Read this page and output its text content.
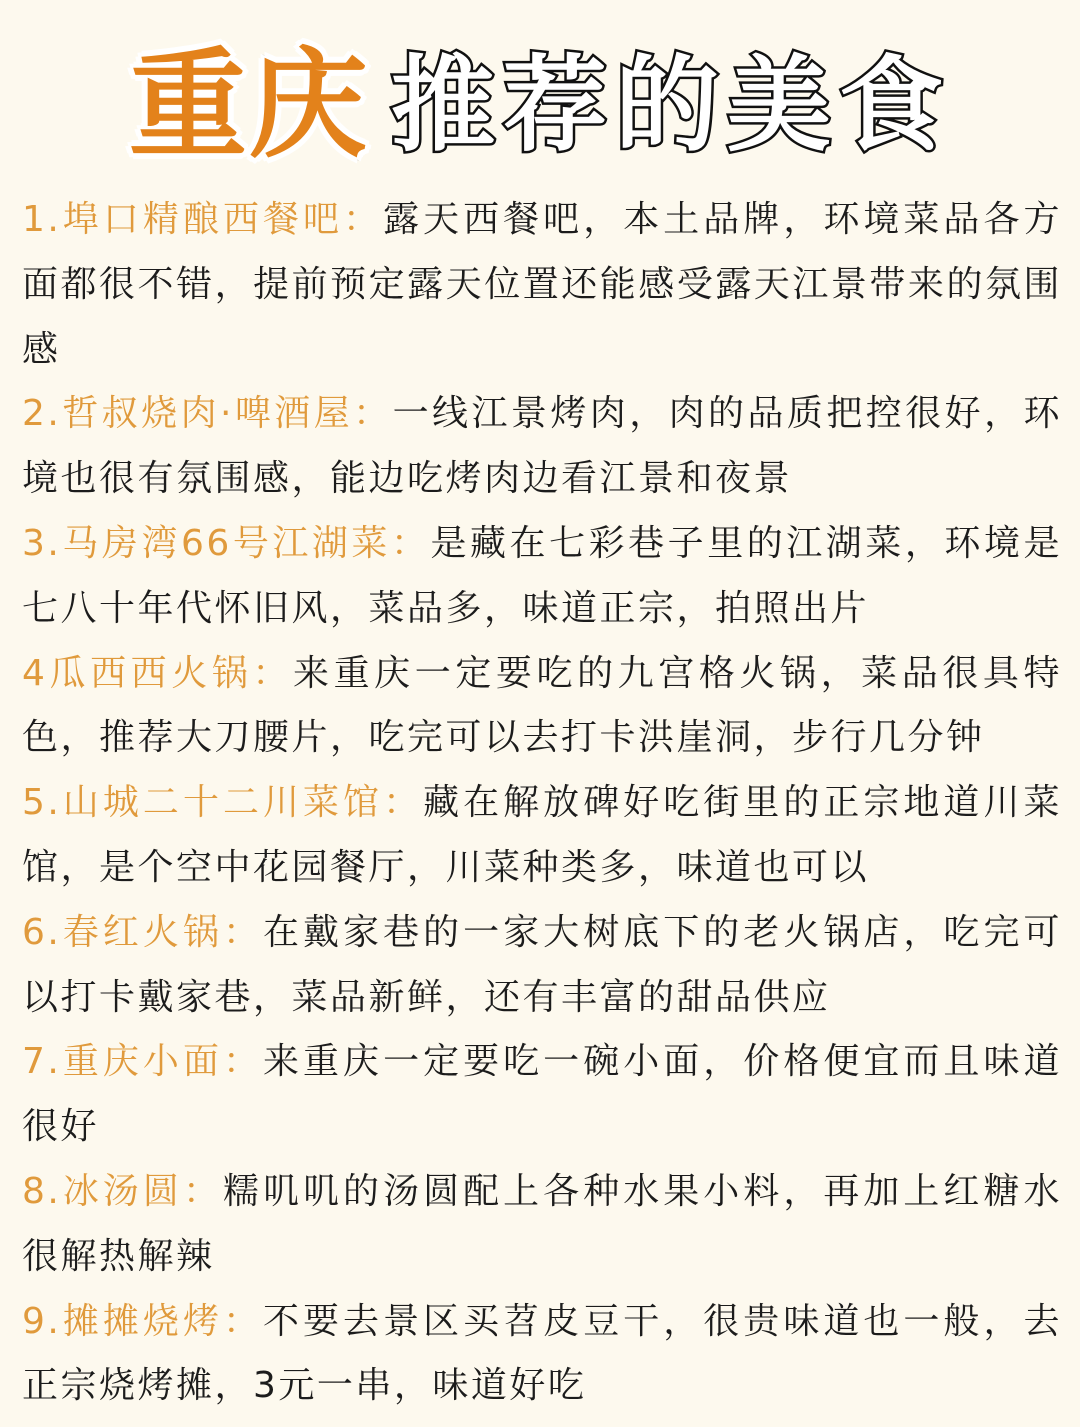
重庆 推荐的美食
1.埠口精酿西餐吧：露天西餐吧，本土品牌，环境菜品各方面都很不错，提前预定露天位置还能感受露天江景带来的氛围感
2.哲叔烧肉·啤酒屋：一线江景烤肉，肉的品质把控很好，环境也很有氛围感，能边吃烤肉边看江景和夜景
3.马房湾66号江湖菜：是藏在七彩巷子里的江湖菜，环境是七八十年代怀旧风，菜品多，味道正宗，拍照出片
4瓜西西火锅：来重庆一定要吃的九宫格火锅，菜品很具特色，推荐大刀腰片，吃完可以去打卡洪崖洞，步行几分钟
5.山城二十二川菜馆：藏在解放碑好吃街里的正宗地道川菜馆，是个空中花园餐厅，川菜种类多，味道也可以
6.春红火锅：在戴家巷的一家大树底下的老火锅店，吃完可以打卡戴家巷，菜品新鲜，还有丰富的甜品供应
7.重庆小面：来重庆一定要吃一碗小面，价格便宜而且味道很好
8.冰汤圆：糯叽叽的汤圆配上各种水果小料，再加上红糖水很解热解辣
9.摊摊烧烤：不要去景区买苕皮豆干，很贵味道也一般，去正宗烧烤摊，3元一串，味道好吃
